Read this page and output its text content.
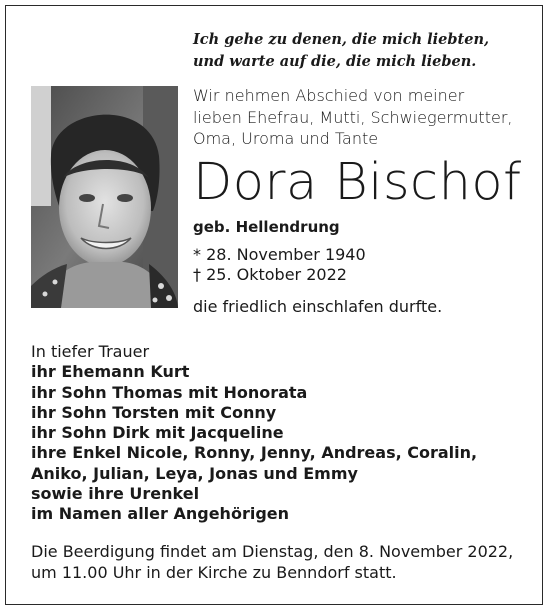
Ich gehe zu denen, die mich liebten,
und warte auf die, die mich lieben.

Wir nehmen Abschied von meiner
lieben Ehefrau, Mutti, Schwiegermutter,
Oma, Uroma und Tante
Dora Bischof
geb. Hellendrung
* 28. November 1940
† 25. Oktober 2022
die friedlich einschlafen durfte.
In tiefer Trauer
ihr Ehemann Kurt
ihr Sohn Thomas mit Honorata
ihr Sohn Torsten mit Conny
ihr Sohn Dirk mit Jacqueline
ihre Enkel Nicole, Ronny, Jenny, Andreas, Coralin,
Aniko, Julian, Leya, Jonas und Emmy
sowie ihre Urenkel
im Namen aller Angehörigen
Die Beerdigung findet am Dienstag, den 8. November 2022,
um 11.00 Uhr in der Kirche zu Benndorf statt.
